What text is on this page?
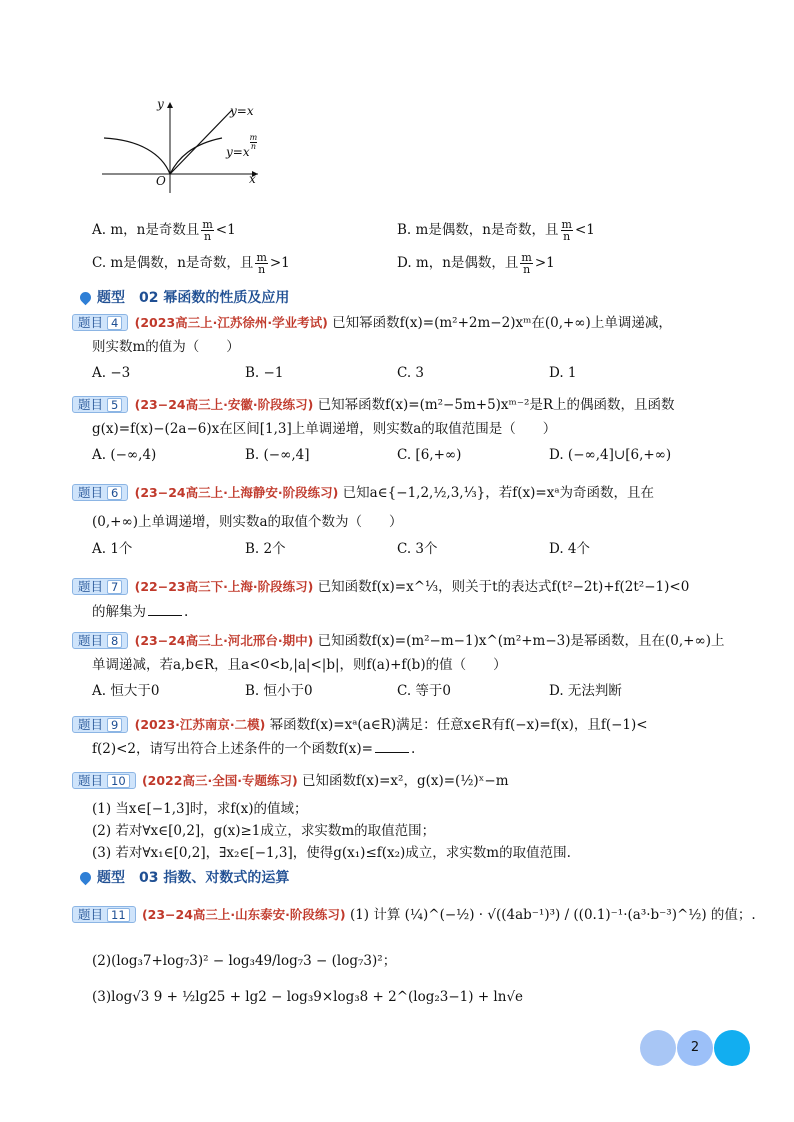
y
x
O
y=x
y=x
$\frac{m}{n}$
A. m，n是奇数且 $\frac{m}{n} <1$	B. m是偶数，n是奇数，且 $\frac{m}{n} <1$
C. m是偶数，n是奇数，且 $\frac{m}{n} >1$	D. m，n是偶数，且 $\frac{m}{n} >1$
题型 02 幂函数的性质及应用
题目 4 (2023高三上·江苏徐州·学业考试) 已知幂函数f(x)=(m²+2m−2)xᵐ在(0,+∞)上单调递减，
则实数m的值为（　　）
A. −3	B. −1	C. 3	D. 1
题目 5 (23−24高三上·安徽·阶段练习) 已知幂函数f(x)=(m²−5m+5)xᵐ⁻²是R上的偶函数，且函数
g(x)=f(x)−(2a−6)x在区间[1,3]上单调递增，则实数a的取值范围是（　　）
A. (−∞,4)	B. (−∞,4]	C. [6,+∞)	D. (−∞,4]∪[6,+∞)
题目 6 (23−24高三上·上海静安·阶段练习) 已知a∈{−1,2,½,3,⅓}，若f(x)=xᵃ为奇函数，且在
(0,+∞)上单调递增，则实数a的取值个数为（　　）
A. 1个	B. 2个	C. 3个	D. 4个
题目 7 (22−23高三下·上海·阶段练习) 已知函数f(x)=x^⅓，则关于t的表达式f(t²−2t)+f(2t²−1)<0
的解集为	.
题目 8 (23−24高三上·河北邢台·期中) 已知函数f(x)=(m²−m−1)x^(m²+m−3)是幂函数，且在(0,+∞)上
单调递减，若a,b∈R，且a<0<b,|a|<|b|，则f(a)+f(b)的值（　　）
A. 恒大于0	B. 恒小于0	C. 等于0	D. 无法判断
题目 9 (2023·江苏南京·二模) 幂函数f(x)=xᵃ(a∈R)满足：任意x∈R有f(−x)=f(x)，且f(−1)<
f(2)<2，请写出符合上述条件的一个函数f(x)=	.
题目 10 (2022高三·全国·专题练习) 已知函数f(x)=x²，g(x)=(½)ˣ−m
(1) 当x∈[−1,3]时，求f(x)的值域；
(2) 若对∀x∈[0,2]，g(x)≥1成立，求实数m的取值范围；
(3) 若对∀x₁∈[0,2]，∃x₂∈[−1,3]，使得g(x₁)≤f(x₂)成立，求实数m的取值范围.
题型 03 指数、对数式的运算
题目 11 (23−24高三上·山东泰安·阶段练习) (1) 计算 (¼)^(−½) · √((4ab⁻¹)³) / ((0.1)⁻¹·(a³·b⁻³)^½) 的值；.
(2)(log₃7+log₇3)² − log₃49/log₇3 − (log₇3)²；
(3)log√3 9 + ½lg25 + lg2 − log₃9×log₃8 + 2^(log₂3−1) + ln√e
2
